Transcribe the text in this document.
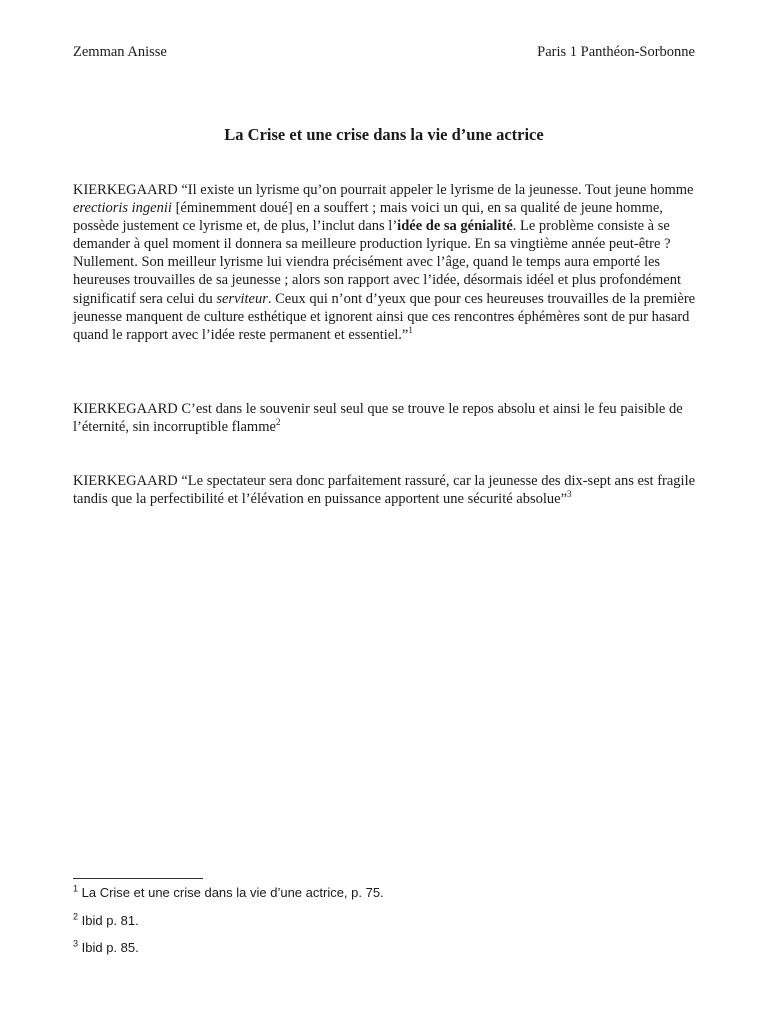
Zemman Anisse	Paris 1 Panthéon-Sorbonne
La Crise et une crise dans la vie d’une actrice

KIERKEGAARD “Il existe un lyrisme qu’on pourrait appeler le lyrisme de la jeunesse. Tout jeune homme erectioris ingenii [éminemment doué] en a souffert ; mais voici un qui, en sa qualité de jeune homme, possède justement ce lyrisme et, de plus, l’inclut dans l’idée de sa génialité. Le problème consiste à se demander à quel moment il donnera sa meilleure production lyrique. En sa vingtième année peut-être ? Nullement. Son meilleur lyrisme lui viendra précisément avec l’âge, quand le temps aura emporté les heureuses trouvailles de sa jeunesse ; alors son rapport avec l’idée, désormais idéel et plus profondément significatif sera celui du serviteur. Ceux qui n’ont d’yeux que pour ces heureuses trouvailles de la première jeunesse manquent de culture esthétique et ignorent ainsi que ces rencontres éphémères sont de pur hasard quand le rapport avec l’idée reste permanent et essentiel.”$^1$

KIERKEGAARD C’est dans le souvenir seul seul que se trouve le repos absolu et ainsi le feu paisible de l’éternité, sin incorruptible flamme$^2$

KIERKEGAARD “Le spectateur sera donc parfaitement rassuré, car la jeunesse des dix-sept ans est fragile tandis que la perfectibilité et l’élévation en puissance apportent une sécurité absolue”$^3$

$^1$ La Crise et une crise dans la vie d’une actrice, p. 75.
$^2$ Ibid p. 81.
$^3$ Ibid p. 85.
